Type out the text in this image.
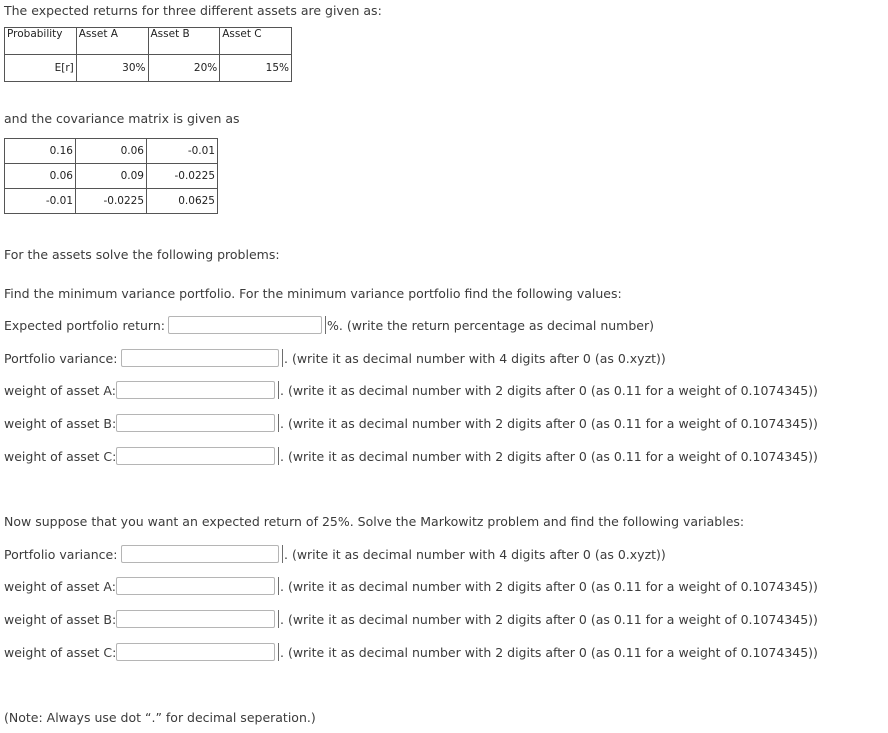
The expected returns for three different assets are given as:
Probability	Asset A	Asset B	Asset C
E[r]	30%	20%	15%
and the covariance matrix is given as
0.16	0.06	-0.01
0.06	0.09	-0.0225
-0.01	-0.0225	0.0625
For the assets solve the following problems:
Find the minimum variance portfolio. For the minimum variance portfolio find the following values:
Expected portfolio return:	%. (write the return percentage as decimal number)
Portfolio variance:	. (write it as decimal number with 4 digits after 0 (as 0.xyzt))
weight of asset A:	. (write it as decimal number with 2 digits after 0 (as 0.11 for a weight of 0.1074345))
weight of asset B:	. (write it as decimal number with 2 digits after 0 (as 0.11 for a weight of 0.1074345))
weight of asset C:	. (write it as decimal number with 2 digits after 0 (as 0.11 for a weight of 0.1074345))
Now suppose that you want an expected return of 25%. Solve the Markowitz problem and find the following variables:
Portfolio variance:	. (write it as decimal number with 4 digits after 0 (as 0.xyzt))
weight of asset A:	. (write it as decimal number with 2 digits after 0 (as 0.11 for a weight of 0.1074345))
weight of asset B:	. (write it as decimal number with 2 digits after 0 (as 0.11 for a weight of 0.1074345))
weight of asset C:	. (write it as decimal number with 2 digits after 0 (as 0.11 for a weight of 0.1074345))
(Note: Always use dot “.” for decimal seperation.)
